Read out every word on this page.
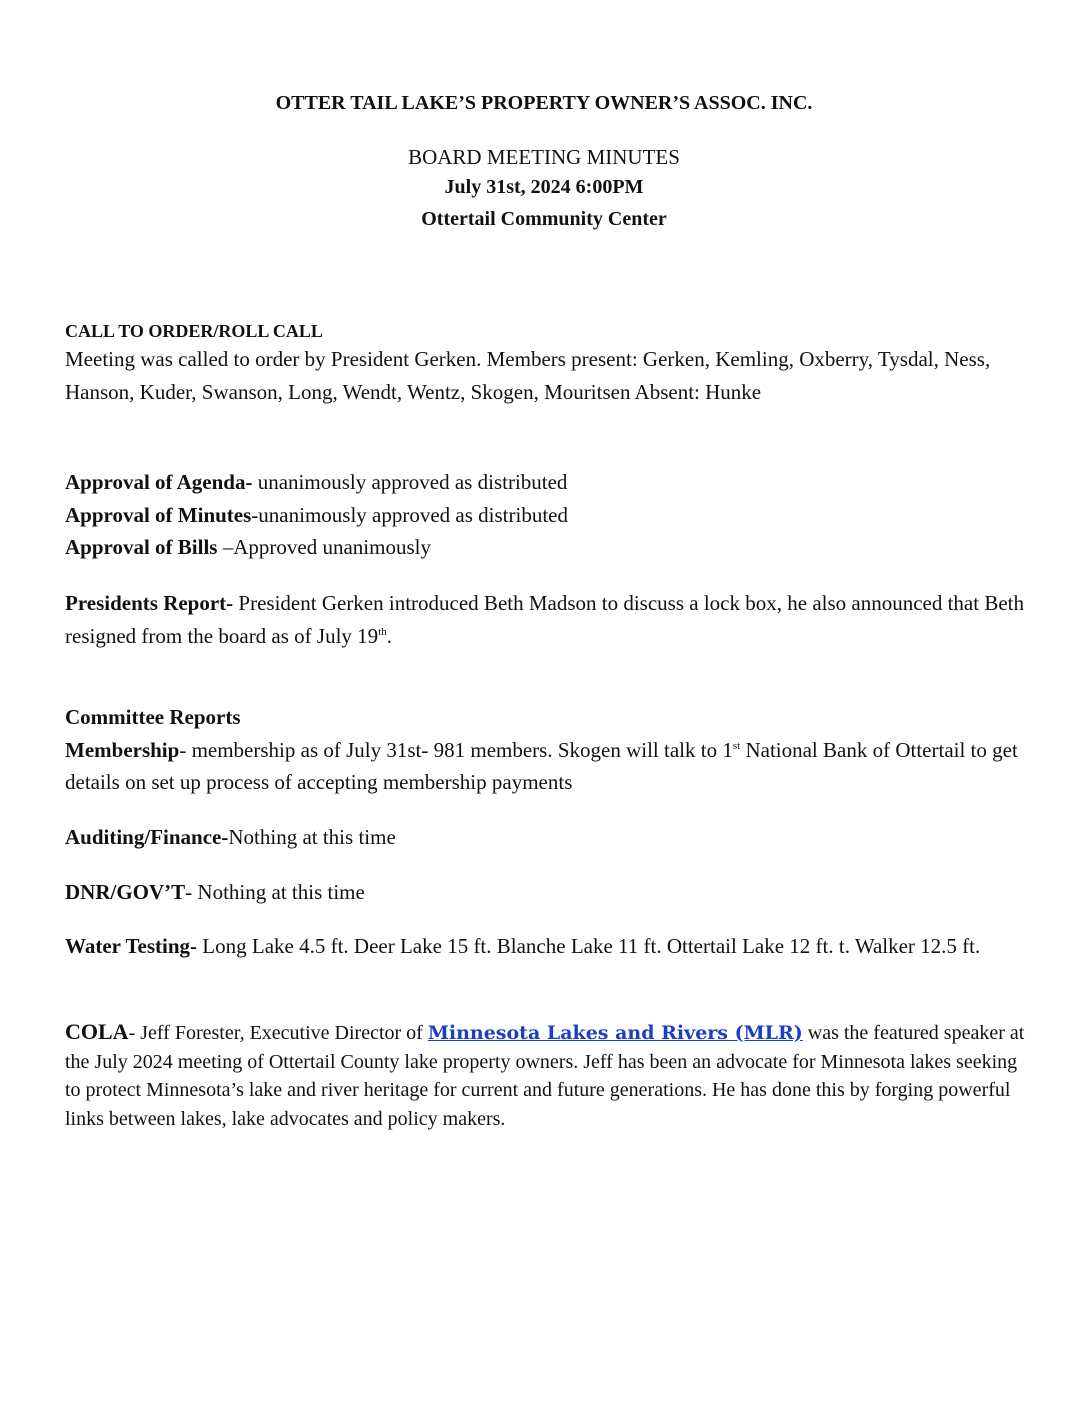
OTTER TAIL LAKE’S PROPERTY OWNER’S ASSOC. INC.
BOARD MEETING MINUTES
July 31st, 2024 6:00PM
Ottertail Community Center
CALL TO ORDER/ROLL CALL
Meeting was called to order by President Gerken. Members present: Gerken, Kemling, Oxberry, Tysdal, Ness, Hanson, Kuder, Swanson, Long, Wendt, Wentz, Skogen, Mouritsen Absent: Hunke
Approval of Agenda- unanimously approved as distributed
Approval of Minutes-unanimously approved as distributed
Approval of Bills –Approved unanimously
Presidents Report- President Gerken introduced Beth Madson to discuss a lock box, he also announced that Beth resigned from the board as of July 19th.
Committee Reports
Membership- membership as of July 31st- 981 members. Skogen will talk to 1st National Bank of Ottertail to get details on set up process of accepting membership payments
Auditing/Finance-Nothing at this time
DNR/GOV’T- Nothing at this time
Water Testing- Long Lake 4.5 ft. Deer Lake 15 ft. Blanche Lake 11 ft. Ottertail Lake 12 ft. t. Walker 12.5 ft.
COLA- Jeff Forester, Executive Director of Minnesota Lakes and Rivers (MLR) was the featured speaker at the July 2024 meeting of Ottertail County lake property owners. Jeff has been an advocate for Minnesota lakes seeking to protect Minnesota’s lake and river heritage for current and future generations. He has done this by forging powerful links between lakes, lake advocates and policy makers.
